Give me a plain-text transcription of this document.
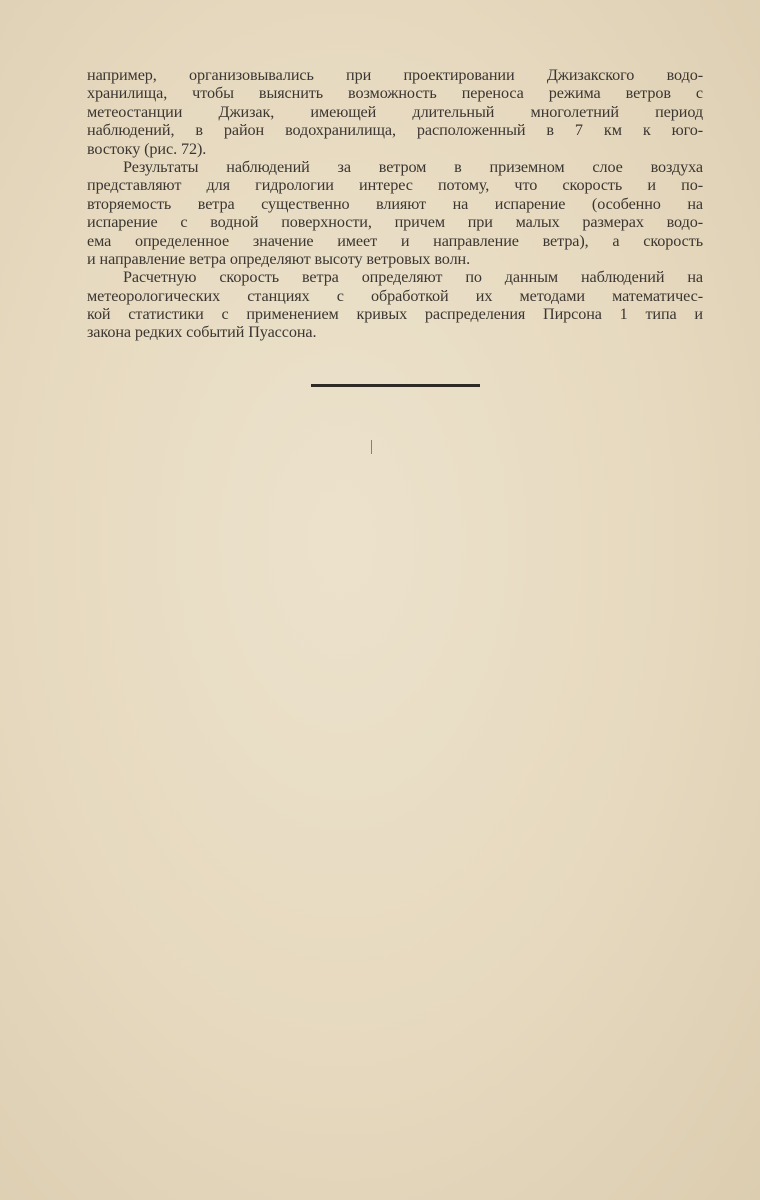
например, организовывались при проектировании Джизакского водо-
хранилища, чтобы выяснить возможность переноса режима ветров с
метеостанции Джизак, имеющей длительный многолетний период
наблюдений, в район водохранилища, расположенный в 7 км к юго-
востоку (рис. 72).
Результаты наблюдений за ветром в приземном слое воздуха
представляют для гидрологии интерес потому, что скорость и по-
вторяемость ветра существенно влияют на испарение (особенно на
испарение с водной поверхности, причем при малых размерах водо-
ема определенное значение имеет и направление ветра), а скорость
и направление ветра определяют высоту ветровых волн.
Расчетную скорость ветра определяют по данным наблюдений на
метеорологических станциях с обработкой их методами математичес-
кой статистики с применением кривых распределения Пирсона 1 типа и
закона редких событий Пуассона.
